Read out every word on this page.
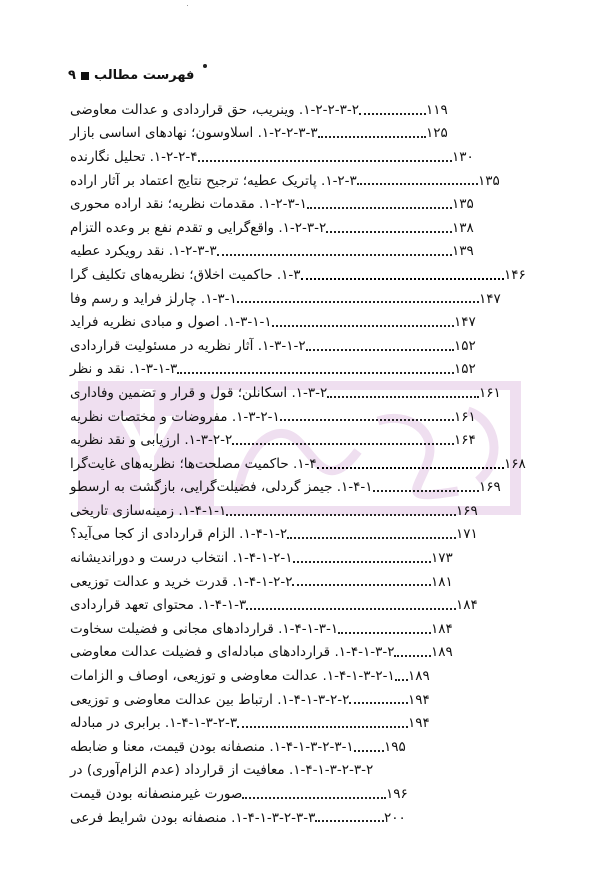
فهرست مطالب
۹
۱-۲-۲-۳-۲. وینریب، حق قراردادی و عدالت معاوضی	۱۱۹
۱-۲-۲-۳-۳. اسلاوسون؛ نهادهای اساسی بازار	۱۲۵
۱-۲-۲-۴. تحلیل نگارنده	۱۳۰
۱-۲-۳. پاتریک عطیه؛ ترجیح نتایج اعتماد بر آثار اراده	۱۳۵
۱-۲-۳-۱. مقدمات نظریه؛ نقد اراده محوری	۱۳۵
۱-۲-۳-۲. واقع‌گرایی و تقدم نفع بر وعده التزام	۱۳۸
۱-۲-۳-۳. نقد رویکرد عطیه	۱۳۹
۱-۳. حاکمیت اخلاق؛ نظریه‌های تکلیف گرا	۱۴۶
۱-۳-۱. چارلز فراید و رسم وفا	۱۴۷
۱-۳-۱-۱. اصول و مبادی نظریه فراید	۱۴۷
۱-۳-۱-۲. آثار نظریه در مسئولیت قراردادی	۱۵۲
۱-۳-۱-۳. نقد و نظر	۱۵۲
۱-۳-۲. اسکانلن؛ قول و قرار و تضمین وفاداری	۱۶۱
۱-۳-۲-۱. مفروضات و مختصات نظریه	۱۶۱
۱-۳-۲-۲. ارزیابی و نقد نظریه	۱۶۴
۱-۴. حاکمیت مصلحت‌ها؛ نظریه‌های غایت‌گرا	۱۶۸
۱-۴-۱. جیمز گردلی، فضیلت‌گرایی، بازگشت به ارسطو	۱۶۹
۱-۴-۱-۱. زمینه‌سازی تاریخی	۱۶۹
۱-۴-۱-۲. الزام قراردادی از کجا می‌آید؟	۱۷۱
۱-۴-۱-۲-۱. انتخاب درست و دوراندیشانه	۱۷۳
۱-۴-۱-۲-۲. قدرت خرید و عدالت توزیعی	۱۸۱
۱-۴-۱-۳. محتوای تعهد قراردادی	۱۸۴
۱-۴-۱-۳-۱. قراردادهای مجانی و فضیلت سخاوت	۱۸۴
۱-۴-۱-۳-۲. قراردادهای مبادله‌ای و فضیلت عدالت معاوضی	۱۸۹
۱-۴-۱-۳-۲-۱. عدالت معاوضی و توزیعی، اوصاف و الزامات	۱۸۹
۱-۴-۱-۳-۲-۲. ارتباط بین عدالت معاوضی و توزیعی	۱۹۴
۱-۴-۱-۳-۲-۳. برابری در مبادله	۱۹۴
۱-۴-۱-۳-۲-۳-۱. منصفانه بودن قیمت، معنا و ضابطه	۱۹۵
۱-۴-۱-۳-۲-۳-۲. معافیت از قرارداد (عدم الزام‌آوری) در
صورت غیرمنصفانه بودن قیمت	۱۹۶
۱-۴-۱-۳-۲-۳-۳. منصفانه بودن شرایط فرعی	۲۰۰
